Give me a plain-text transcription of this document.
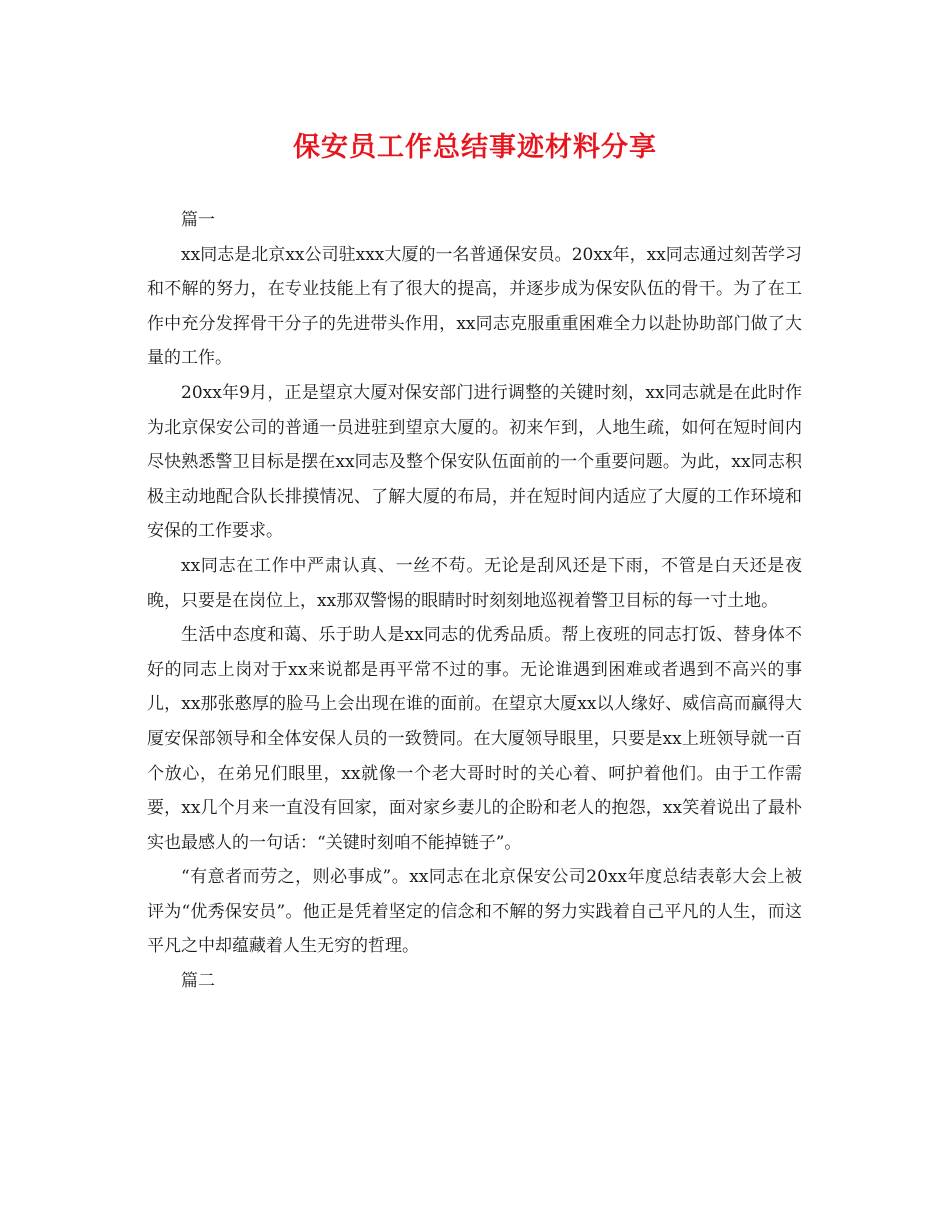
保安员工作总结事迹材料分享

篇一

xx同志是北京xx公司驻xxx大厦的一名普通保安员。20xx年，xx同志通过刻苦学习和不解的努力，在专业技能上有了很大的提高，并逐步成为保安队伍的骨干。为了在工作中充分发挥骨干分子的先进带头作用，xx同志克服重重困难全力以赴协助部门做了大量的工作。

20xx年9月，正是望京大厦对保安部门进行调整的关键时刻，xx同志就是在此时作为北京保安公司的普通一员进驻到望京大厦的。初来乍到，人地生疏，如何在短时间内尽快熟悉警卫目标是摆在xx同志及整个保安队伍面前的一个重要问题。为此，xx同志积极主动地配合队长排摸情况、了解大厦的布局，并在短时间内适应了大厦的工作环境和安保的工作要求。

xx同志在工作中严肃认真、一丝不苟。无论是刮风还是下雨，不管是白天还是夜晚，只要是在岗位上，xx那双警惕的眼睛时时刻刻地巡视着警卫目标的每一寸土地。

生活中态度和蔼、乐于助人是xx同志的优秀品质。帮上夜班的同志打饭、替身体不好的同志上岗对于xx来说都是再平常不过的事。无论谁遇到困难或者遇到不高兴的事儿，xx那张憨厚的脸马上会出现在谁的面前。在望京大厦xx以人缘好、威信高而赢得大厦安保部领导和全体安保人员的一致赞同。在大厦领导眼里，只要是xx上班领导就一百个放心，在弟兄们眼里，xx就像一个老大哥时时的关心着、呵护着他们。由于工作需要，xx几个月来一直没有回家，面对家乡妻儿的企盼和老人的抱怨，xx笑着说出了最朴实也最感人的一句话：“关键时刻咱不能掉链子”。

“有意者而劳之，则必事成”。xx同志在北京保安公司20xx年度总结表彰大会上被评为“优秀保安员”。他正是凭着坚定的信念和不解的努力实践着自己平凡的人生，而这平凡之中却蕴藏着人生无穷的哲理。

篇二
